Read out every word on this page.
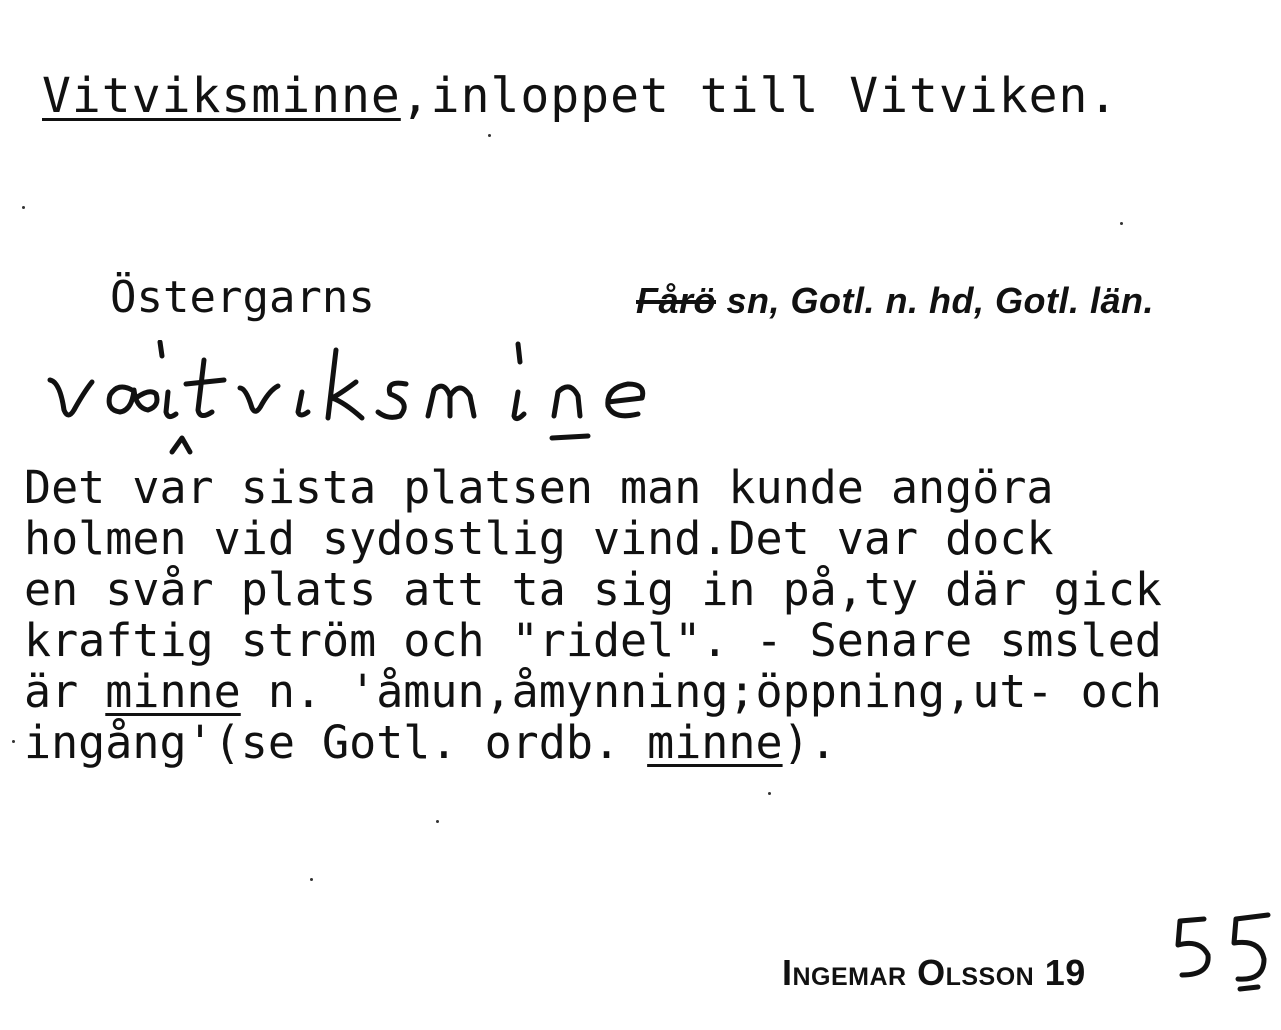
Vitviksminne,inloppet till Vitviken.
Östergarns	Fårö sn, Gotl. n. hd, Gotl. län.
Det var sista platsen man kunde angöra
holmen vid sydostlig vind.Det var dock
en svår plats att ta sig in på,ty där gick
kraftig ström och "ridel". - Senare smsled
är minne n. 'åmun,åmynning;öppning,ut- och
ingång'(se Gotl. ordb. minne).
Ingemar Olsson 19
